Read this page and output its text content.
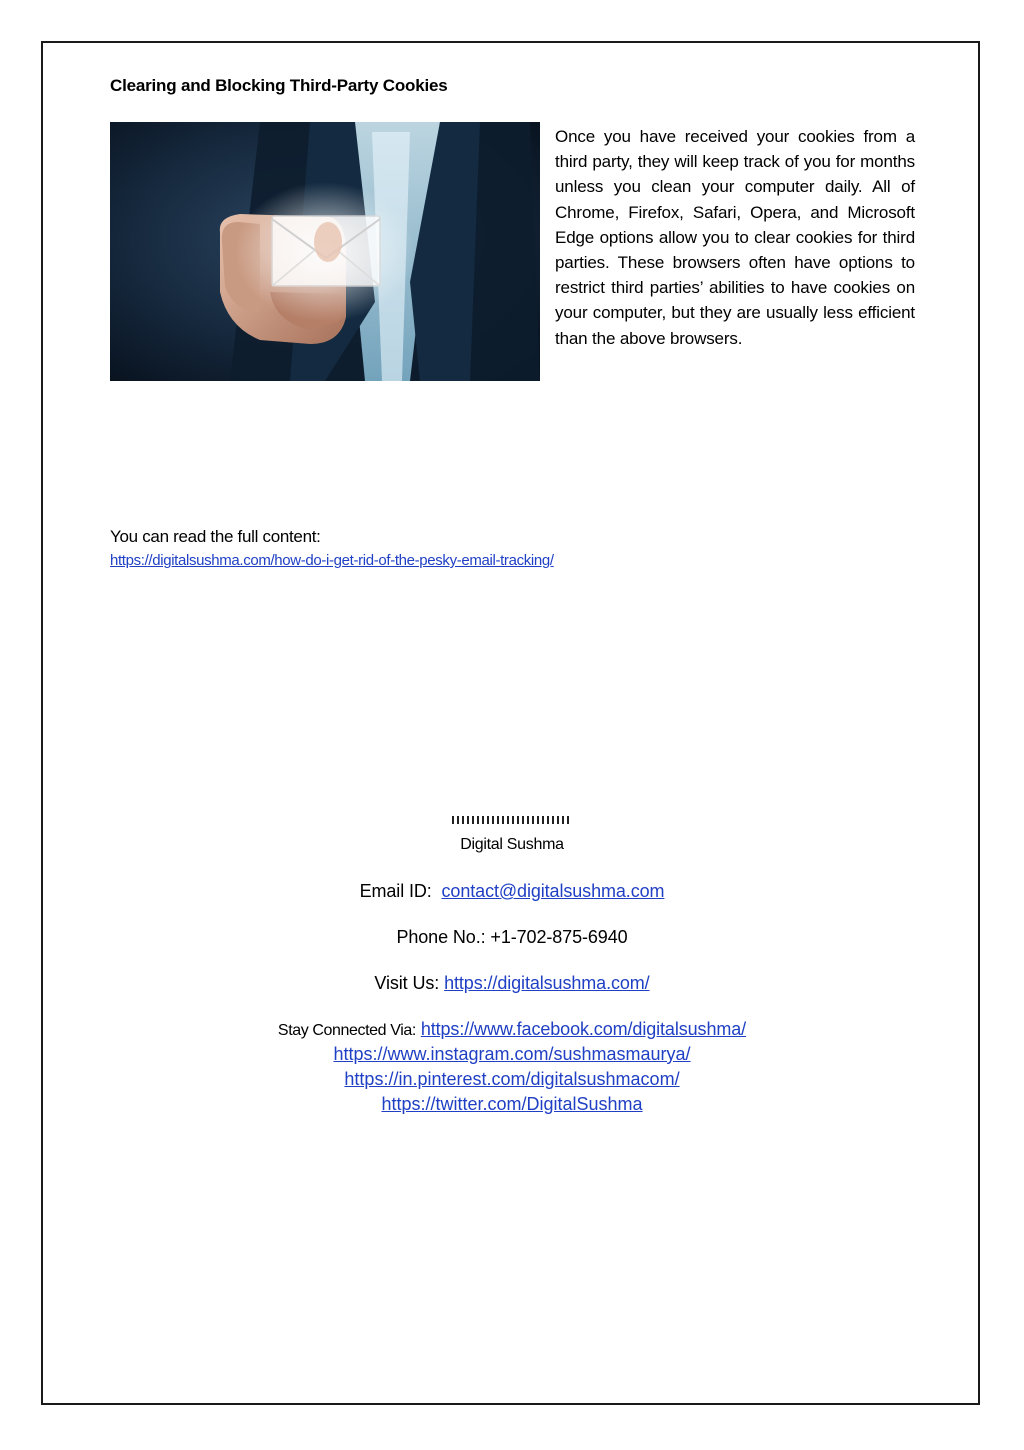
Clearing and Blocking Third-Party Cookies
Once you have received your cookies from a third party, they will keep track of you for months unless you clean your computer daily. All of Chrome, Firefox, Safari, Opera, and Microsoft Edge options allow you to clear cookies for third parties. These browsers often have options to restrict third parties’ abilities to have cookies on your computer, but they are usually less efficient than the above browsers.
You can read the full content:
https://digitalsushma.com/how-do-i-get-rid-of-the-pesky-email-tracking/
Digital Sushma
Email ID: contact@digitalsushma.com
Phone No.: +1-702-875-6940
Visit Us: https://digitalsushma.com/
Stay Connected Via: https://www.facebook.com/digitalsushma/
https://www.instagram.com/sushmasmaurya/
https://in.pinterest.com/digitalsushmacom/
https://twitter.com/DigitalSushma
